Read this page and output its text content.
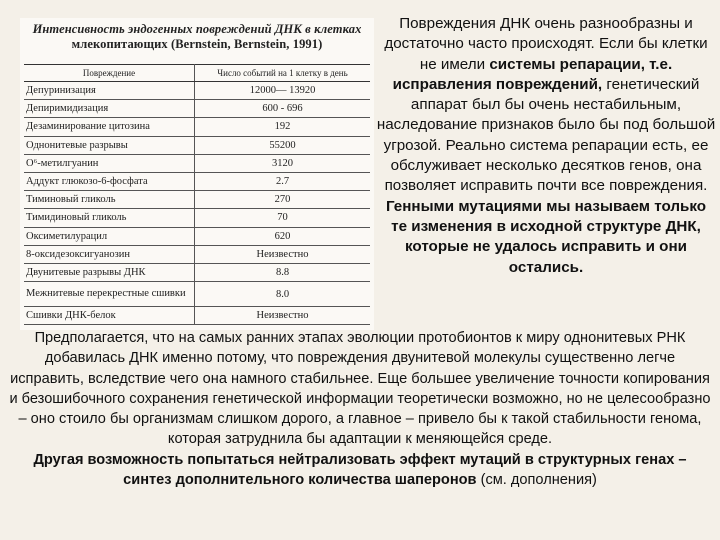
Интенсивность эндогенных повреждений ДНК в клетках
млекопитающих (Bernstein, Bernstein, 1991)
Повреждение	Число событий на 1 клетку в день
Депуринизация	12000— 13920
Депиримидизация	600 - 696
Дезаминирование цитозина	192
Однонитевые разрывы	55200
O⁶-метилгуанин	3120
Аддукт глюкозо-6-фосфата	2.7
Тиминовый гликоль	270
Тимидиновый гликоль	70
Оксиметилурацил	620
8-оксидезоксигуанозин	Неизвестно
Двунитевые разрывы ДНК	8.8
Межнитевые перекрестные сшивки	8.0
Сшивки ДНК-белок	Неизвестно

Повреждения ДНК очень разнообразны и достаточно часто происходят. Если бы клетки не имели системы репарации, т.е. исправления повреждений, генетический аппарат был бы очень нестабильным, наследование признаков было бы под большой угрозой. Реально система репарации есть, ее обслуживает несколько десятков генов, она позволяет исправить почти все повреждения. Генными мутациями мы называем только те изменения в исходной структуре ДНК, которые не удалось исправить и они остались.

Предполагается, что на самых ранних этапах эволюции протобионтов к миру однонитевых РНК добавилась ДНК именно потому, что повреждения двунитевой молекулы существенно легче исправить, вследствие чего она намного стабильнее. Еще большее увеличение точности копирования и безошибочного сохранения генетической информации теоретически возможно, но не целесообразно – оно стоило бы организмам слишком дорого, а главное – привело бы к такой стабильности генома, которая затруднила бы адаптации к меняющейся среде.

Другая возможность попытаться нейтрализовать эффект мутаций в структурных генах – синтез дополнительного количества шаперонов (см. дополнения)
